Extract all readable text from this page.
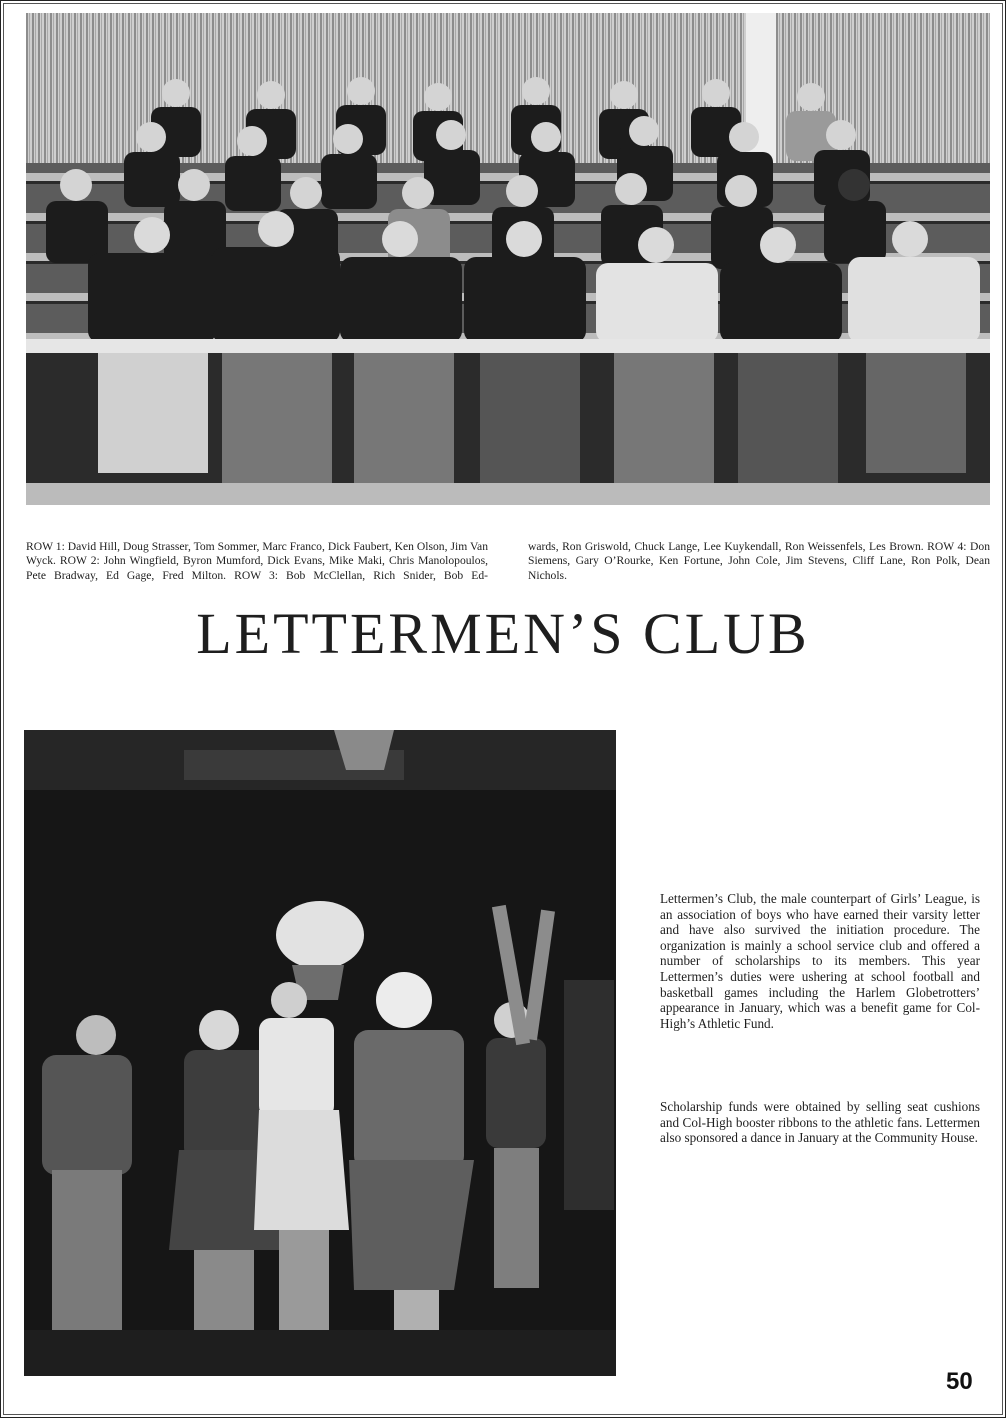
ROW 1: David Hill, Doug Strasser, Tom Sommer, Marc Franco, Dick Faubert, Ken Olson, Jim Van Wyck. ROW 2: John Wingfield, Byron Mumford, Dick Evans, Mike Maki, Chris Manolopoulos, Pete Bradway, Ed Gage, Fred Milton. ROW 3: Bob McClellan, Rich Snider, Bob Ed-

wards, Ron Griswold, Chuck Lange, Lee Kuykendall, Ron Weissenfels, Les Brown. ROW 4: Don Siemens, Gary O’Rourke, Ken Fortune, John Cole, Jim Stevens, Cliff Lane, Ron Polk, Dean Nichols.

LETTERMEN’S CLUB

Lettermen’s Club, the male counterpart of Girls’ League, is an association of boys who have earned their varsity letter and have also survived the initiation procedure. The organization is mainly a school service club and offered a number of scholarships to its members. This year Lettermen’s duties were ushering at school football and basketball games including the Harlem Globetrotters’ appearance in January, which was a benefit game for Col-High’s Athletic Fund.

Scholarship funds were obtained by selling seat cushions and Col-High booster ribbons to the athletic fans. Lettermen also sponsored a dance in January at the Community House.

50
